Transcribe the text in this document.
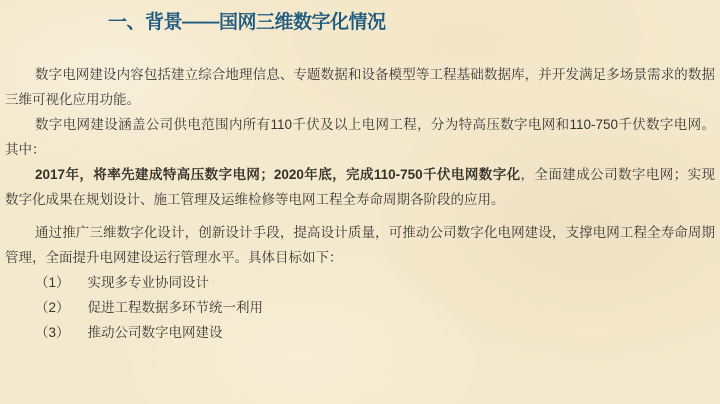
一、背景——国网三维数字化情况
数字电网建设内容包括建立综合地理信息、专题数据和设备模型等工程基础数据库，并开发满足多场景需求的数据
三维可视化应用功能。
数字电网建设涵盖公司供电范围内所有110千伏及以上电网工程，分为特高压数字电网和110-750千伏数字电网。
其中：
2017年，将率先建成特高压数字电网；2020年底，完成110-750千伏电网数字化，全面建成公司数字电网；实现
数字化成果在规划设计、施工管理及运维检修等电网工程全寿命周期各阶段的应用。
通过推广三维数字化设计，创新设计手段，提高设计质量，可推动公司数字化电网建设，支撑电网工程全寿命周期
管理，全面提升电网建设运行管理水平。具体目标如下：
（1） 实现多专业协同设计
（2） 促进工程数据多环节统一利用
（3） 推动公司数字电网建设
